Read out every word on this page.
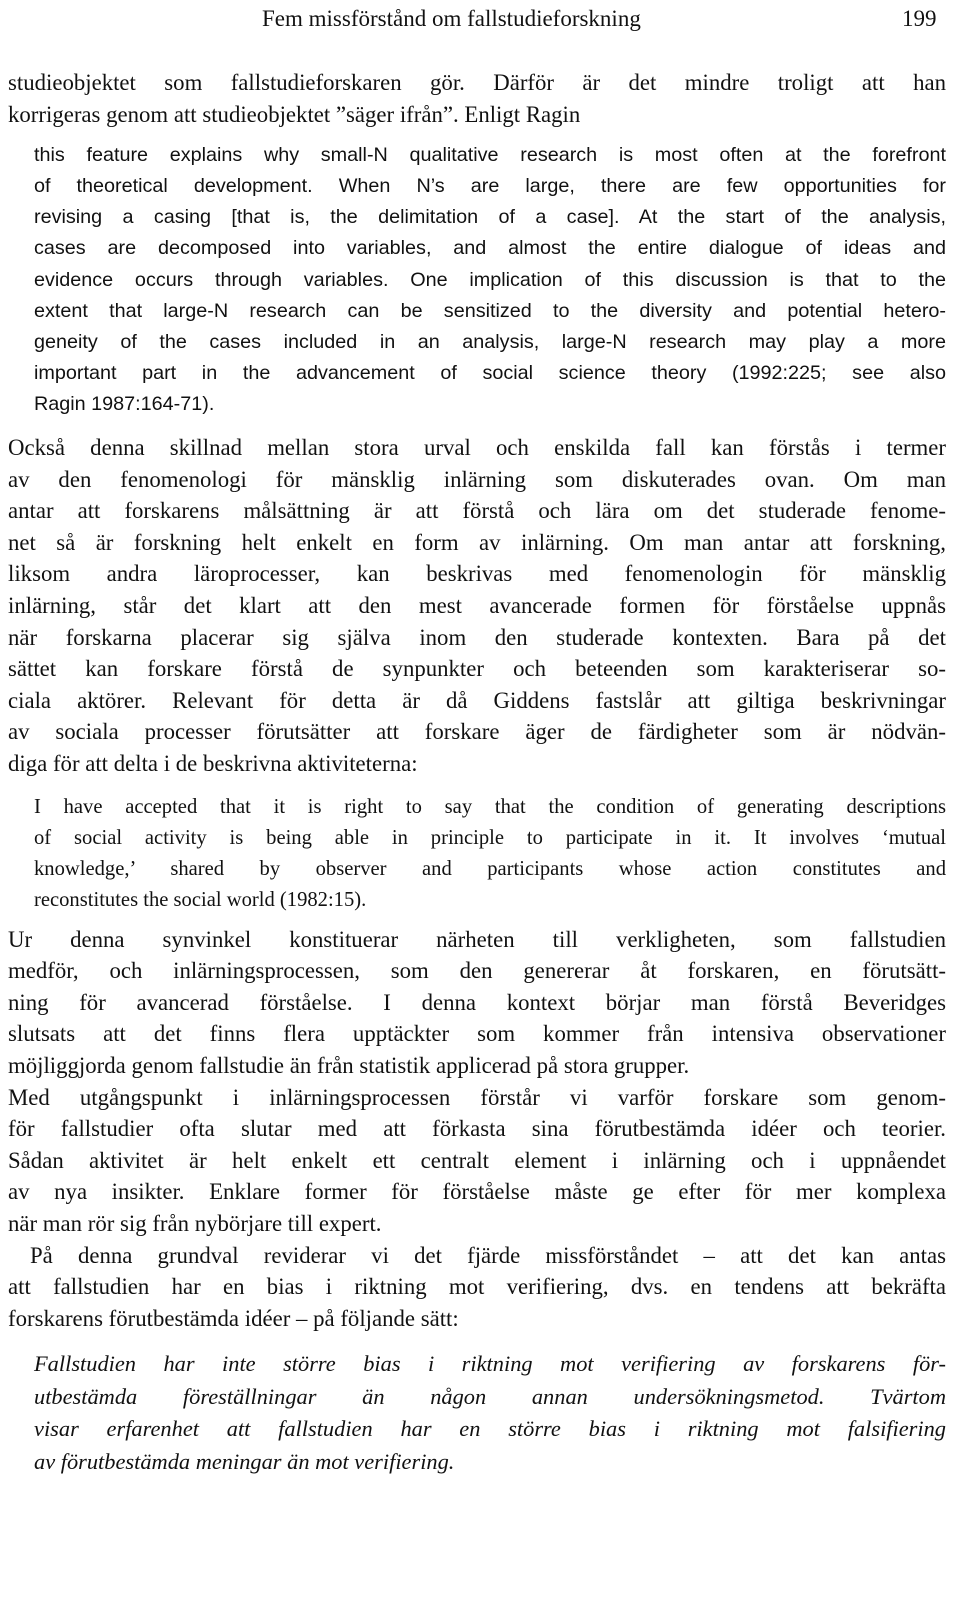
Fem missförstånd om fallstudieforskning	199
studieobjektet som fallstudieforskaren gör. Därför är det mindre troligt att han
korrigeras genom att studieobjektet ”säger ifrån”. Enligt Ragin
this feature explains why small-N qualitative research is most often at the forefront
of theoretical development. When N’s are large, there are few opportunities for
revising a casing [that is, the delimitation of a case]. At the start of the analysis,
cases are decomposed into variables, and almost the entire dialogue of ideas and
evidence occurs through variables. One implication of this discussion is that to the
extent that large-N research can be sensitized to the diversity and potential hetero-
geneity of the cases included in an analysis, large-N research may play a more
important part in the advancement of social science theory (1992:225; see also
Ragin 1987:164-71).
Också denna skillnad mellan stora urval och enskilda fall kan förstås i termer
av den fenomenologi för mänsklig inlärning som diskuterades ovan. Om man
antar att forskarens målsättning är att förstå och lära om det studerade fenome-
net så är forskning helt enkelt en form av inlärning. Om man antar att forskning,
liksom andra läroprocesser, kan beskrivas med fenomenologin för mänsklig
inlärning, står det klart att den mest avancerade formen för förståelse uppnås
när forskarna placerar sig själva inom den studerade kontexten. Bara på det
sättet kan forskare förstå de synpunkter och beteenden som karakteriserar so-
ciala aktörer. Relevant för detta är då Giddens fastslår att giltiga beskrivningar
av sociala processer förutsätter att forskare äger de färdigheter som är nödvän-
diga för att delta i de beskrivna aktiviteterna:
I have accepted that it is right to say that the condition of generating descriptions
of social activity is being able in principle to participate in it. It involves ‘mutual
knowledge,’ shared by observer and participants whose action constitutes and
reconstitutes the social world (1982:15).
Ur denna synvinkel konstituerar närheten till verkligheten, som fallstudien
medför, och inlärningsprocessen, som den genererar åt forskaren, en förutsätt-
ning för avancerad förståelse. I denna kontext börjar man förstå Beveridges
slutsats att det finns flera upptäckter som kommer från intensiva observationer
möjliggjorda genom fallstudie än från statistik applicerad på stora grupper.
Med utgångspunkt i inlärningsprocessen förstår vi varför forskare som genom-
för fallstudier ofta slutar med att förkasta sina förutbestämda idéer och teorier.
Sådan aktivitet är helt enkelt ett centralt element i inlärning och i uppnåendet
av nya insikter. Enklare former för förståelse måste ge efter för mer komplexa
när man rör sig från nybörjare till expert.
På denna grundval reviderar vi det fjärde missförståndet – att det kan antas
att fallstudien har en bias i riktning mot verifiering, dvs. en tendens att bekräfta
forskarens förutbestämda idéer – på följande sätt:
Fallstudien har inte större bias i riktning mot verifiering av forskarens för-
utbestämda föreställningar än någon annan undersökningsmetod. Tvärtom
visar erfarenhet att fallstudien har en större bias i riktning mot falsifiering
av förutbestämda meningar än mot verifiering.
